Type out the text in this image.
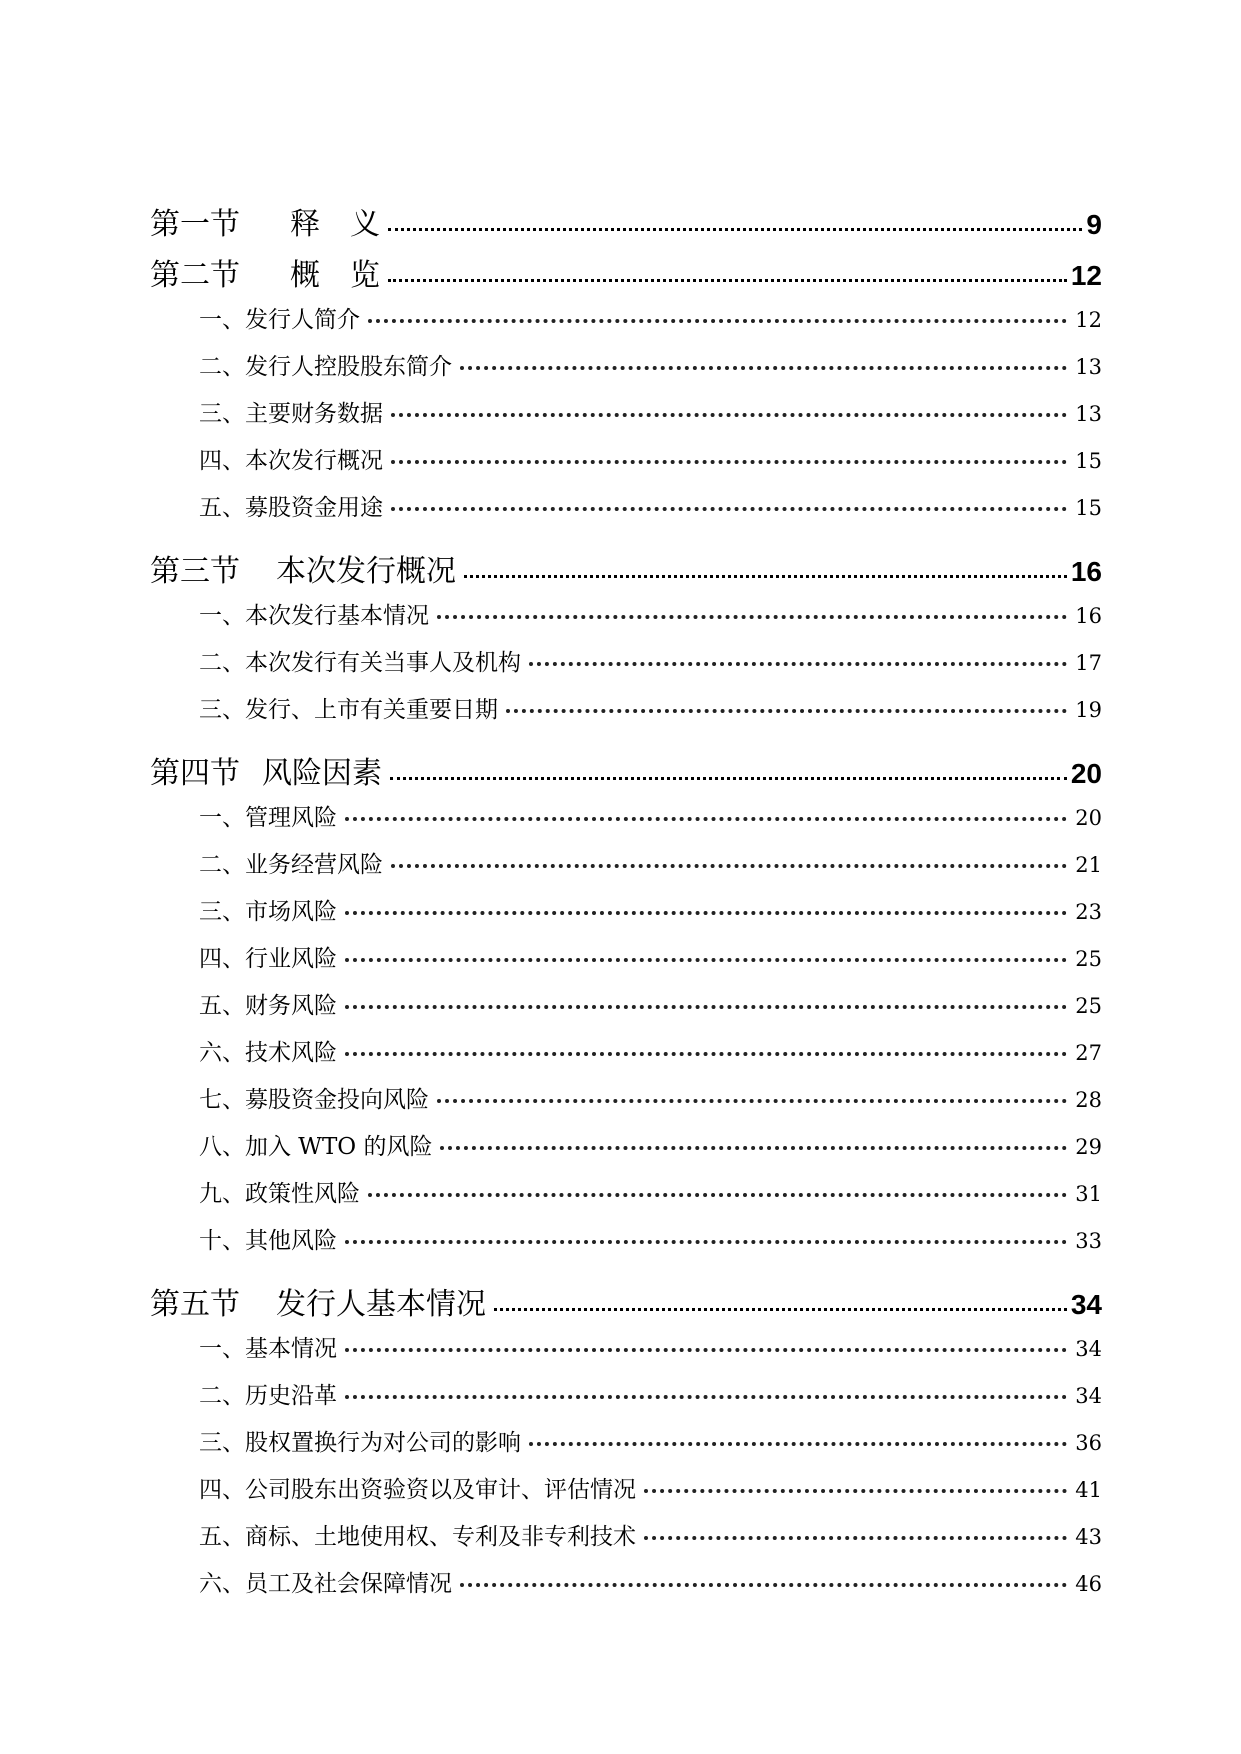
第一节 释　义	9
第二节 概　览	12
一、发行人简介	12
二、发行人控股股东简介	13
三、主要财务数据	13
四、本次发行概况	15
五、募股资金用途	15
第三节 本次发行概况	16
一、本次发行基本情况	16
二、本次发行有关当事人及机构	17
三、发行、上市有关重要日期	19
第四节 风险因素	20
一、管理风险	20
二、业务经营风险	21
三、市场风险	23
四、行业风险	25
五、财务风险	25
六、技术风险	27
七、募股资金投向风险	28
八、加入 WTO 的风险	29
九、政策性风险	31
十、其他风险	33
第五节 发行人基本情况	34
一、基本情况	34
二、历史沿革	34
三、股权置换行为对公司的影响	36
四、公司股东出资验资以及审计、评估情况	41
五、商标、土地使用权、专利及非专利技术	43
六、员工及社会保障情况	46
